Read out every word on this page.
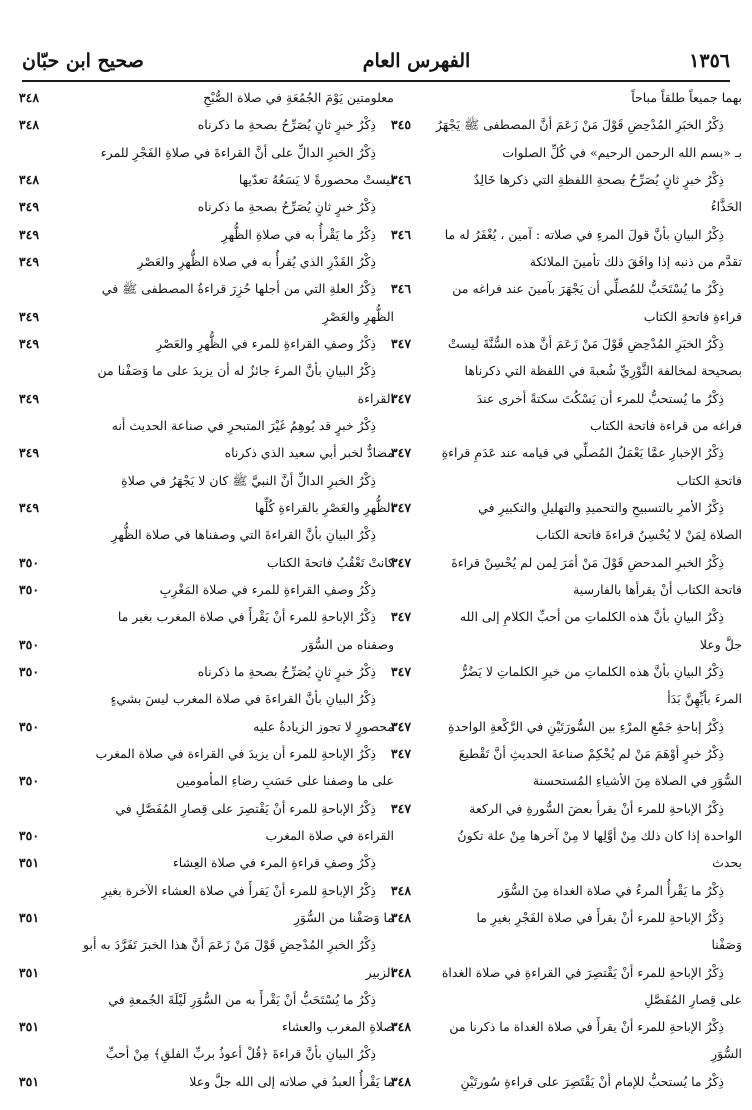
١٣٥٦
الفهرس العام
صحيح ابن حبّان
بهما جميعاً طلقاً مباحاً
ذِكْرُ الخبَرِ المُدْحِضِ قَوْلَ مَنْ زَعَمَ أنَّ المصطفى ﷺ يَجْهَرُ
٣٤٥
بـ «بسم الله الرحمن الرحيم» في كُلِّ الصلوات
ذِكْرُ خبرٍ ثانٍ يُصَرِّحُ بصحةِ اللفظةِ التي ذكرها خَالِدٌ
٣٤٦
الحَذَّاءُ
ذِكْرُ البيانِ بأنَّ قولَ المرءِ في صلاته : آمين ، يُغْفَرُ له ما
٣٤٦
تقدَّم من ذنبه إذا وافَقَ ذلك تأمينَ الملائكة
ذِكْرُ ما يُسْتَحَبُّ للمُصلِّي أن يَجْهَرَ بآمينَ عند فراغه من
٣٤٦
قراءةِ فاتحةِ الكتاب
ذِكْرُ الخبَرِ المُدْحِضِ قَوْلَ مَنْ زَعَمَ أنَّ هذه السُّنَّةَ ليستْ
٣٤٧
بصحيحة لمخالفة الثَّوْرِيِّ شُعبةَ في اللفظة التي ذكرناها
ذِكْرُ ما يُستحبُّ للمرء أن يَسْكُتَ سكتةً أخرى عندَ
٣٤٧
فراغه من قراءة فاتحة الكتاب
ذِكْرُ الإخبارِ عمَّا يَعْمَلُ المُصلِّي في قيامه عند عَدَمِ قراءةِ
٣٤٧
فاتحةِ الكتاب
ذِكْرُ الأمرِ بالتسبيحِ والتحميدِ والتهليلِ والتكبيرِ في
٣٤٧
الصلاة لِمَنْ لا يُحْسِنُ قراءةَ فاتحة الكتاب
ذِكْرُ الخبرِ المدحضِ قَوْلَ مَنْ أمَرَ لِمن لم يُحْسِنْ قراءةَ
٣٤٧
فاتحة الكتاب أنْ يقرأها بالفارسية
ذِكْرُ البيانِ بأنَّ هذه الكلماتِ من أحبِّ الكلامِ إلى الله
٣٤٧
جلَّ وعلا
ذِكْرُ البيانِ بأنَّ هذه الكلماتِ من خيرِ الكلماتِ لا يَضُرُّ
٣٤٧
المرءَ بأيِّهِنَّ بَدَأ
ذِكْرُ إباحةِ جَمْعِ المرْءِ بين السُّورَتَيْنِ في الرَّكْعةِ الواحدةِ
٣٤٧
ذِكْرُ خبرٍ أوْهَمَ مَنْ لم يُحْكِمْ صناعةَ الحديثِ أنَّ تَقْطيعَ
٣٤٧
السُّوَرِ في الصلاة مِنَ الأشياءِ المُستحسنة
ذِكْرُ الإباحةِ للمرء أنْ يقرأ بعضَ السُّورةِ في الركعة
٣٤٧
الواحدة إذا كان ذلك مِنْ أوَّلِها لا مِنْ آخرها مِنْ علة تكونُ
بحدث
ذِكْرُ ما يَقْرأُ المرءُ في صلاة الغداة مِنَ السُّوَر
٣٤٨
ذِكْرُ الإباحةِ للمرء أنْ يقرأَ في صلاة الفَجْرِ بغيرِ ما
٣٤٨
وَصَفْنا
ذِكْرُ الإباحةِ للمرء أنْ يَقْتصِرَ في القراءةِ في صلاة الغداة
٣٤٨
على قِصارِ المُفَصَّلِ
ذِكْرُ الإباحةِ للمرء أنْ يقرأَ في صلاة الغداة ما ذكرنا من
٣٤٨
السُّوَرِ
ذِكْرُ ما يُستحبُّ للإمام أنْ يَقْتَصِرَ على قراءةِ سُورتَيْنِ
٣٤٨
معلومتين يَوْمَ الجُمُعَةِ في صلاة الصُّبْحِ
٣٤٨
ذِكْرُ خبرٍ ثانٍ يُصَرِّحُ بصحةِ ما ذكرناه
٣٤٨
ذِكْرُ الخبرِ الدالِّ على أنَّ القراءةَ في صلاةِ الفَجْرِ للمرء
ليستْ محصورةً لا يَسَعُهُ تعدّيها
٣٤٨
ذِكْرُ خبرٍ ثانٍ يُصَرِّحُ بصحةِ ما ذكرناه
٣٤٩
ذِكْرُ ما يَقْرأُ به في صلاةِ الظُّهرِ
٣٤٩
ذِكْرُ القَدْرِ الذي يُقرأُ به في صلاة الظُّهرِ والعَصْرِ
٣٤٩
ذِكْرُ العلةِ التي من أجلها حُزِرَ قراءةُ المصطفى ﷺ في
الظُّهرِ والعَصْرِ
٣٤٩
ذِكْرُ وصفِ القراءةِ للمرء في الظُّهرِ والعَصْرِ
٣٤٩
ذِكْرُ البيانِ بأنَّ المرءَ جائزٌ له أن يزيدَ على ما وَصَفْنا من
القراءة
٣٤٩
ذِكْرُ خبرٍ قد يُوهِمُ غَيْرَ المتبحرِ في صناعة الحديث أنه
مضادٌّ لخبر أبي سعيد الذي ذكرناه
٣٤٩
ذِكْرُ الخبرِ الدالِّ أنَّ النبيَّ ﷺ كان لا يَجْهَرُ في صلاةِ
الظُّهرِ والعَصْرِ بالقراءةِ كُلِّها
٣٤٩
ذِكْرُ البيانِ بأنَّ القراءةَ التي وصفناها في صلاة الظُّهرِ
كانتْ تَعْقُبُ فاتحةَ الكتاب
٣٥٠
ذِكْرُ وصفِ القراءةِ للمرء في صلاة المَغْرِبِ
٣٥٠
ذِكْرُ الإباحةِ للمرء أنْ يَقْرأَ في صلاة المغرب بغير ما
وصفناه من السُّوَر
٣٥٠
ذِكْرُ خبرٍ ثانٍ يُصَرِّحُ بصحةِ ما ذكرناه
٣٥٠
ذِكْرُ البيانِ بأنَّ القراءةَ في صلاة المغرب ليسَ بشيءٍ
محصورٍ لا تجوز الزيادةُ عليه
٣٥٠
ذِكْرُ الإباحةِ للمرء أن يزيدَ في القراءة في صلاة المغرب
على ما وصفنا على حَسَبِ رضاءِ المأمومين
٣٥٠
ذِكْرُ الإباحةِ للمرء أنْ يَقْتصِرَ على قِصارِ المُفَصَّلِ في
القراءة في صلاة المغرب
٣٥٠
ذِكْرُ وصفِ قراءةِ المرء في صلاة العِشاء
٣٥١
ذِكْرُ الإباحةِ للمرء أنْ يَقرأَ في صلاة العشاء الآخرة بغيرِ
ما وَصَفْنا من السُّوَرِ
٣٥١
ذِكْرُ الخبرِ المُدْحِضِ قَوْلَ مَنْ زَعَمَ أنَّ هذا الخبرَ تَفَرَّدَ به أبو
الزبير
٣٥١
ذِكْرُ ما يُسْتَحَبُّ أنْ يَقْرأَ به من السُّوَرِ لَيْلَةَ الجُمعةِ في
صلاةِ المغرب والعشاء
٣٥١
ذِكْرُ البيانِ بأنَّ قراءةَ ﴿قُلْ أعوذُ بربِّ الفلقِ﴾ مِنْ أحبِّ
ما يَقْرأُ العبدُ في صلاته إلى الله جلَّ وعلا
٣٥١
